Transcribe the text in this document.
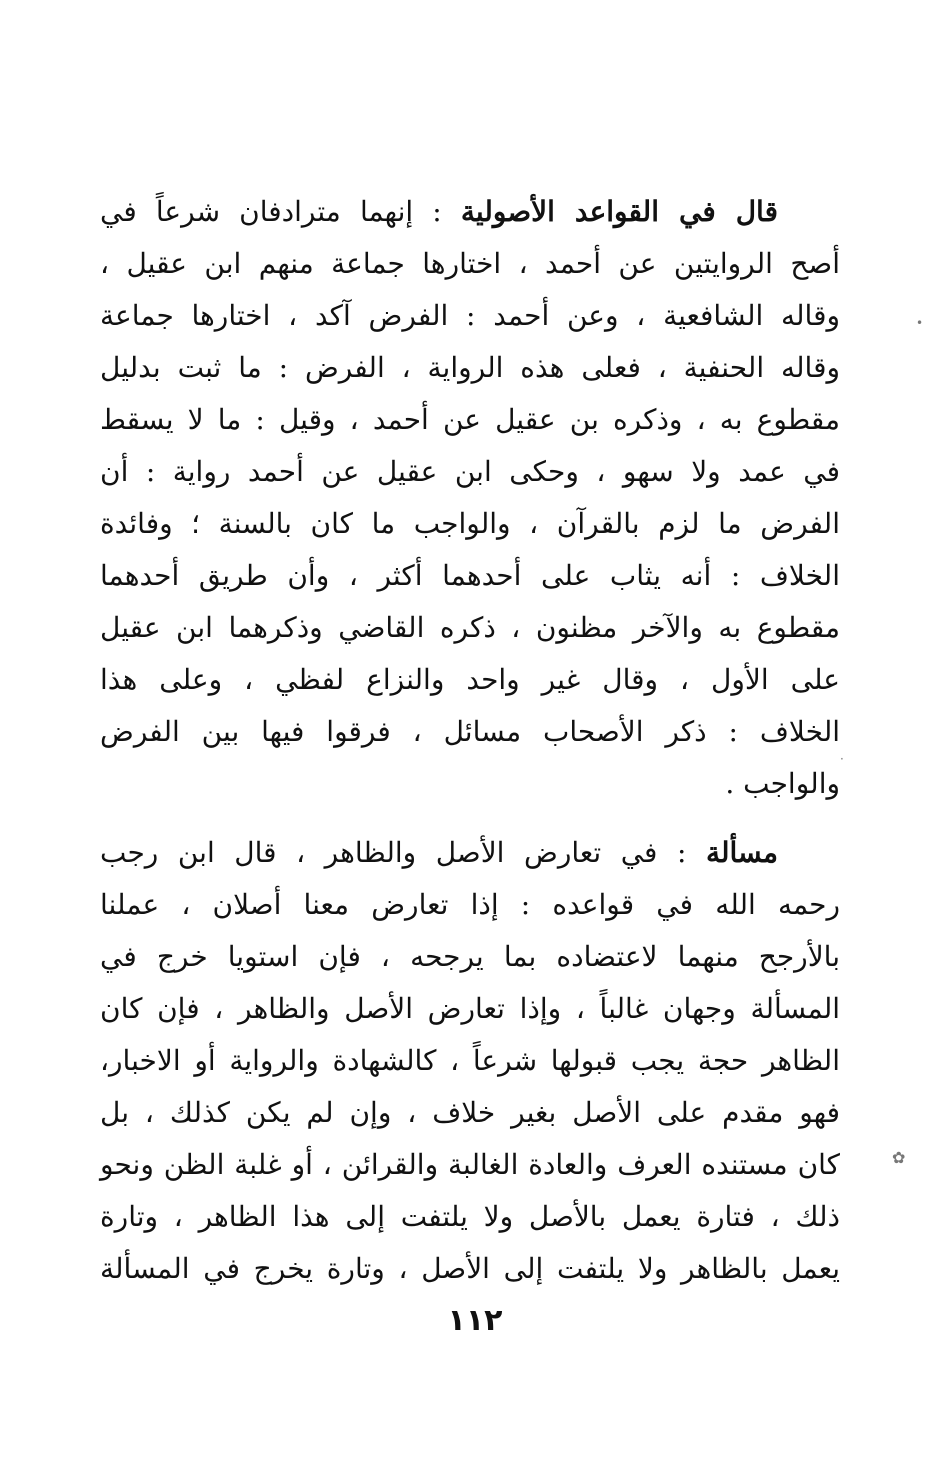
•
·
✿
قال في القواعد الأصولية : إنهما مترادفان شرعاً في
أصح الروايتين عن أحمد ، اختارها جماعة منهم ابن عقيل ،
وقاله الشافعية ، وعن أحمد : الفرض آكد ، اختارها جماعة
وقاله الحنفية ، فعلى هذه الرواية ، الفرض : ما ثبت بدليل
مقطوع به ، وذكره بن عقيل عن أحمد ، وقيل : ما لا يسقط
في عمد ولا سهو ، وحكى ابن عقيل عن أحمد رواية : أن
الفرض ما لزم بالقرآن ، والواجب ما كان بالسنة ؛ وفائدة
الخلاف : أنه يثاب على أحدهما أكثر ، وأن طريق أحدهما
مقطوع به والآخر مظنون ، ذكره القاضي وذكرهما ابن عقيل
على الأول ، وقال غير واحد والنزاع لفظي ، وعلى هذا
الخلاف : ذكر الأصحاب مسائل ، فرقوا فيها بين الفرض
والواجب .
مسألة : في تعارض الأصل والظاهر ، قال ابن رجب
رحمه الله في قواعده : إذا تعارض معنا أصلان ، عملنا
بالأرجح منهما لاعتضاده بما يرجحه ، فإن استويا خرج في
المسألة وجهان غالباً ، وإذا تعارض الأصل والظاهر ، فإن كان
الظاهر حجة يجب قبولها شرعاً ، كالشهادة والرواية أو الاخبار،
فهو مقدم على الأصل بغير خلاف ، وإن لم يكن كذلك ، بل
كان مستنده العرف والعادة الغالبة والقرائن ، أو غلبة الظن ونحو
ذلك ، فتارة يعمل بالأصل ولا يلتفت إلى هذا الظاهر ، وتارة
يعمل بالظاهر ولا يلتفت إلى الأصل ، وتارة يخرج في المسألة
١١٢
